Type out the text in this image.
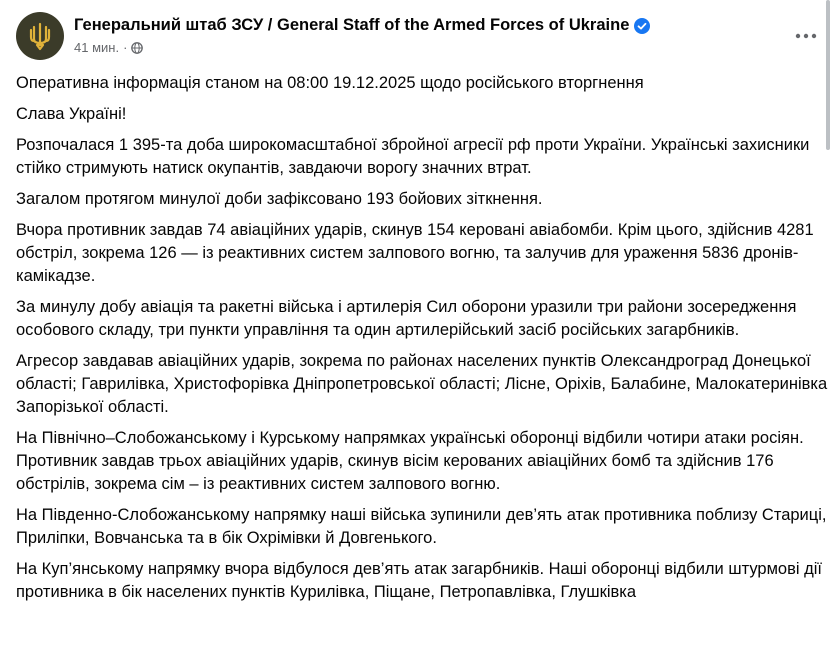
Генеральний штаб ЗСУ / General Staff of the Armed Forces of Ukraine
41 мин. ·

Оперативна інформація станом на 08:00 19.12.2025 щодо російського вторгнення

Слава Україні!

Розпочалася 1 395-та доба широкомасштабної збройної агресії рф проти України. Українські захисники стійко стримують натиск окупантів, завдаючи ворогу значних втрат.

Загалом протягом минулої доби зафіксовано 193 бойових зіткнення.

Вчора противник завдав 74 авіаційних ударів, скинув 154 керовані авіабомби. Крім цього, здійснив 4281 обстріл, зокрема 126 — із реактивних систем залпового вогню, та залучив для ураження 5836 дронів-камікадзе.

За минулу добу авіація та ракетні війська і артилерія Сил оборони уразили три райони зосередження особового складу, три пункти управління та один артилерійський засіб російських загарбників.

Агресор завдавав авіаційних ударів, зокрема по районах населених пунктів Олександроград Донецької області; Гаврилівка, Христофорівка Дніпропетровської області; Лісне, Оріхів, Балабине, Малокатеринівка Запорізької області.

На Північно–Слобожанському і Курському напрямках українські оборонці відбили чотири атаки росіян. Противник завдав трьох авіаційних ударів, скинув вісім керованих авіаційних бомб та здійснив 176 обстрілів, зокрема сім – із реактивних систем залпового вогню.

На Південно-Слобожанському напрямку наші війська зупинили дев’ять атак противника поблизу Стариці, Приліпки, Вовчанська та в бік Охрімівки й Довгенького.

На Куп’янському напрямку вчора відбулося дев’ять атак загарбників. Наші оборонці відбили штурмові дії противника в бік населених пунктів Курилівка, Піщане, Петропавлівка, Глушківка
